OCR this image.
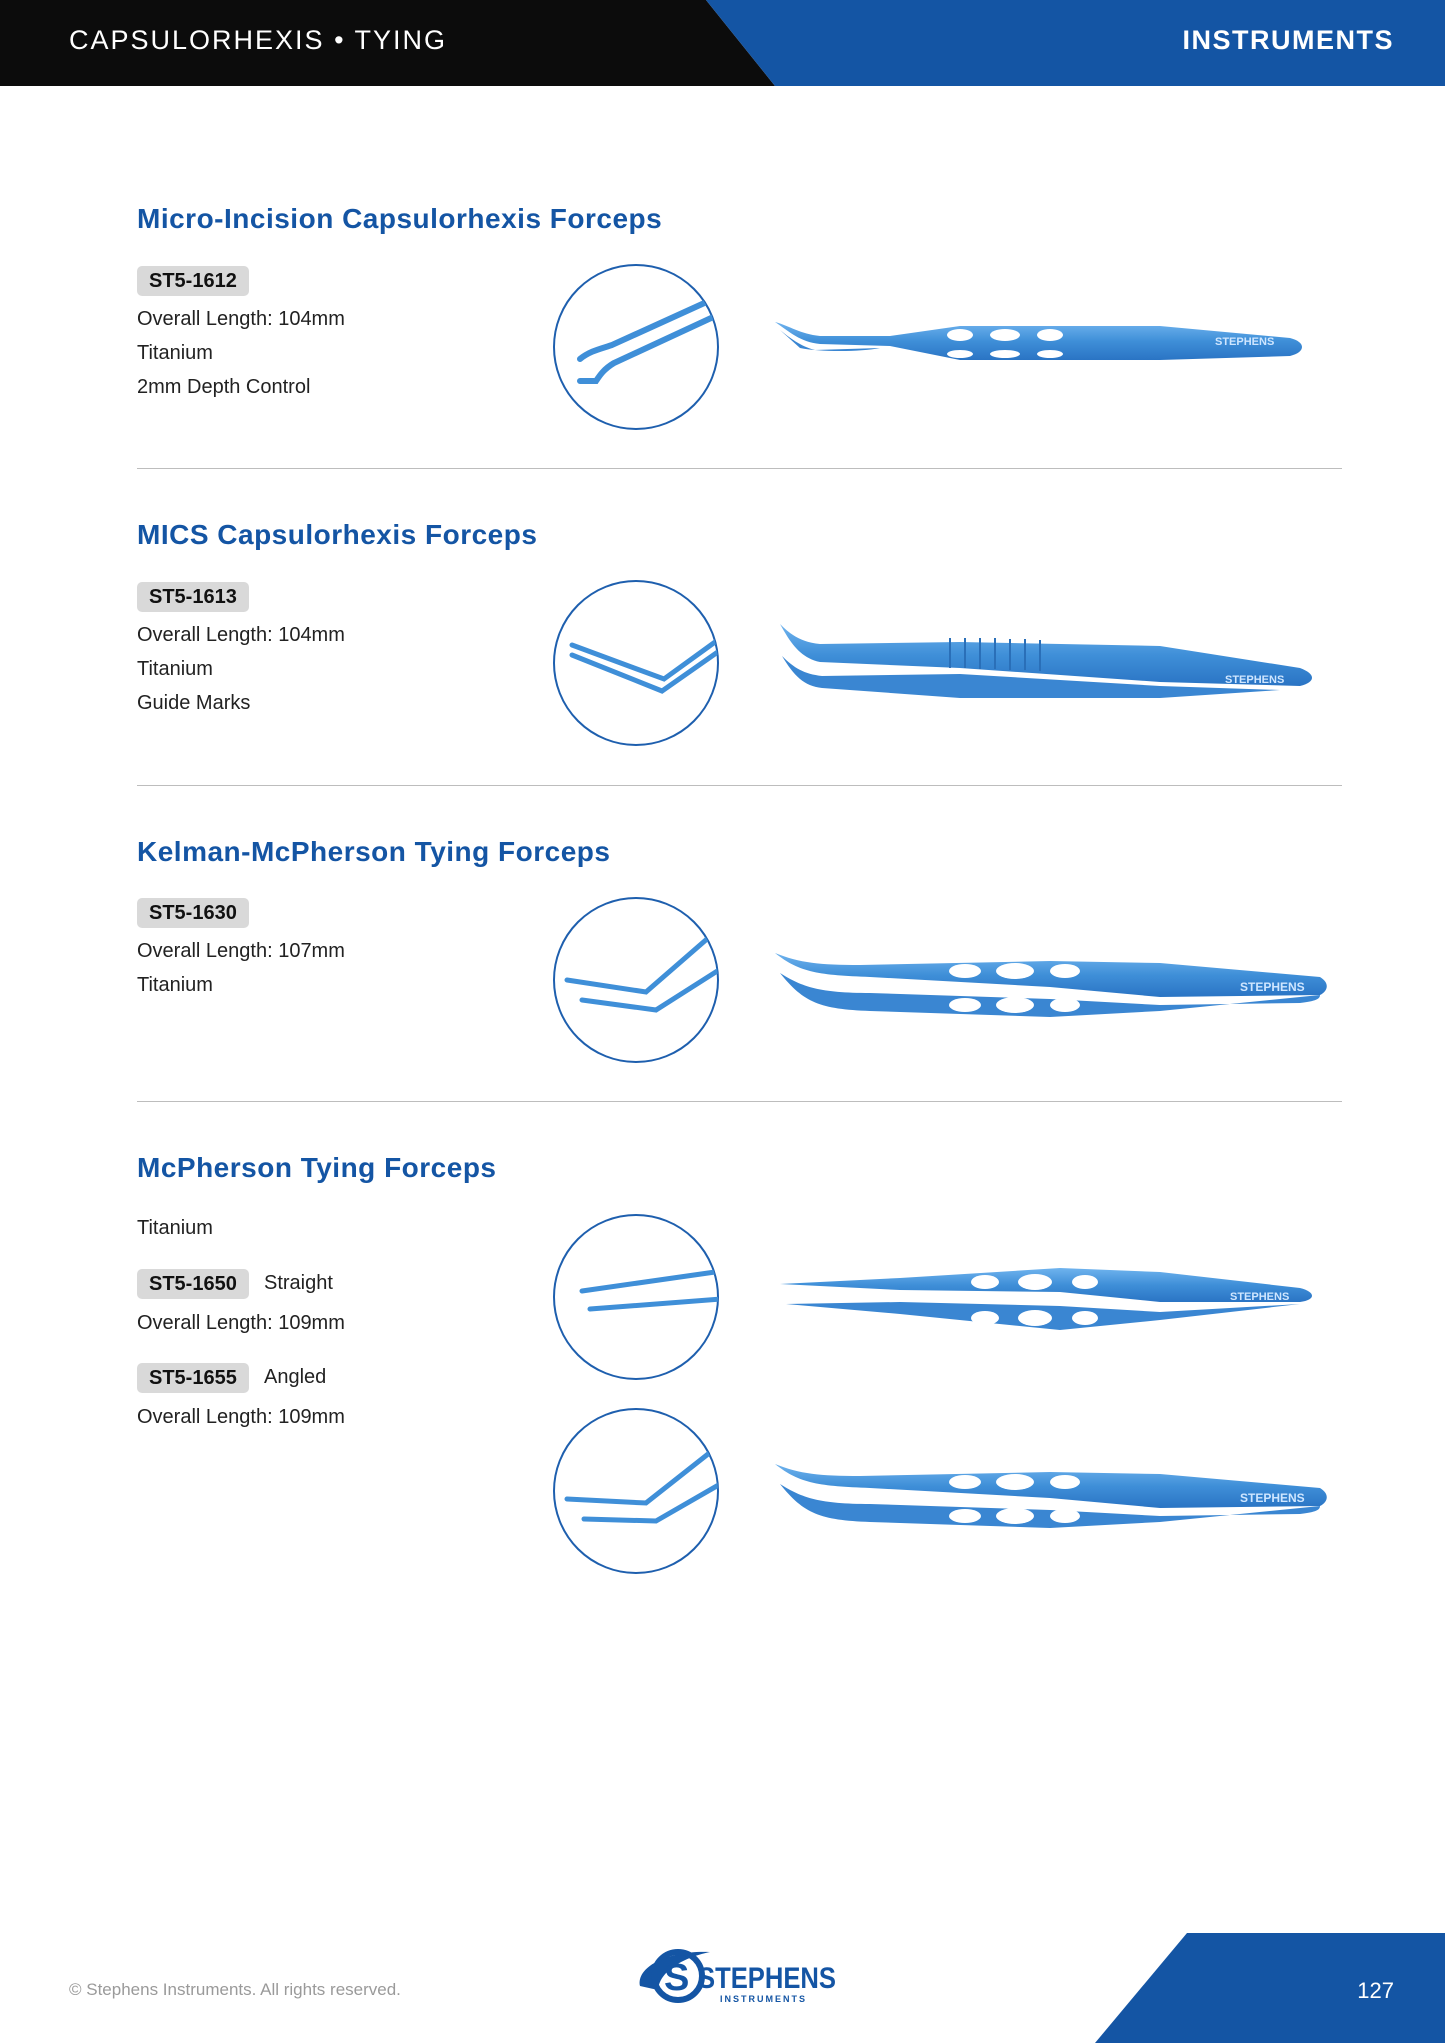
CAPSULORHEXIS • TYING	INSTRUMENTS
Micro-Incision Capsulorhexis Forceps
ST5-1612
Overall Length: 104mm
Titanium
2mm Depth Control
STEPHENS
MICS Capsulorhexis Forceps
ST5-1613
Overall Length: 104mm
Titanium
Guide Marks
STEPHENS
Kelman-McPherson Tying Forceps
ST5-1630
Overall Length: 107mm
Titanium
McPherson Tying Forceps
Titanium
ST5-1650	Straight
Overall Length: 109mm
ST5-1655	Angled
Overall Length: 109mm
STEPHENS
© Stephens Instruments. All rights reserved.	S STEPHENS
INSTRUMENTS	127
